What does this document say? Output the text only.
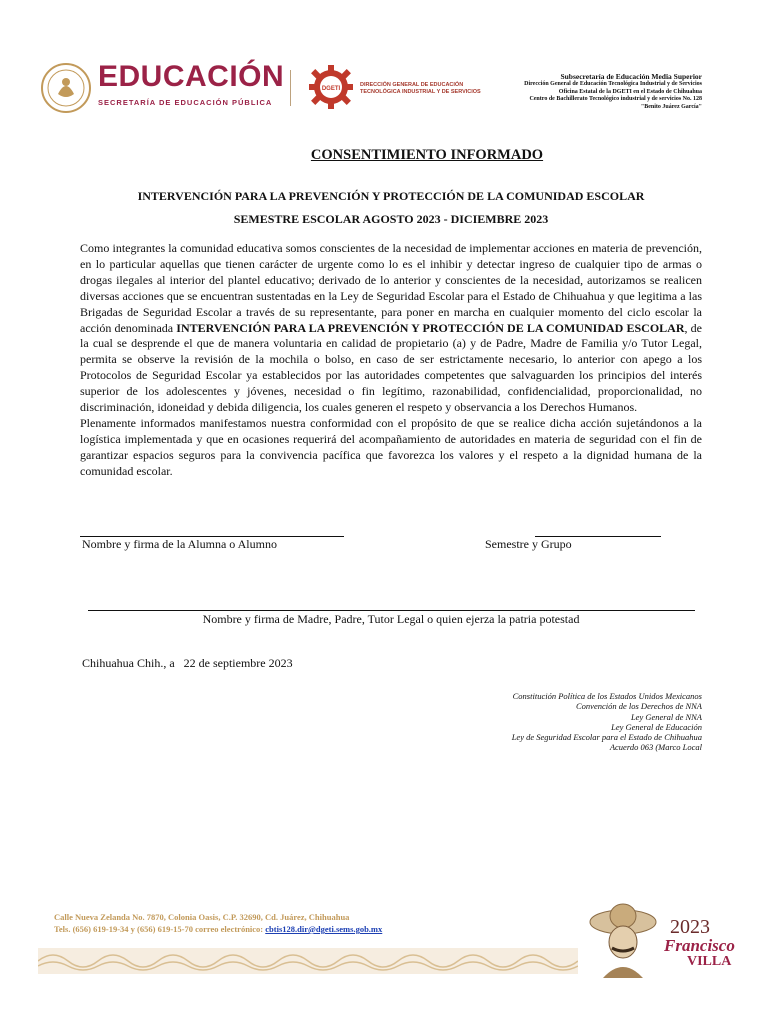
EDUCACIÓN
SECRETARÍA DE EDUCACIÓN PÚBLICA
DGETI
DIRECCIÓN GENERAL DE EDUCACIÓN
TECNOLÓGICA INDUSTRIAL Y DE SERVICIOS
Subsecretaría de Educación Media Superior
Dirección General de Educación Tecnológica Industrial y de Servicios
Oficina Estatal de la DGETI en el Estado de Chihuahua
Centro de Bachillerato Tecnológico industrial y de servicios No. 128
"Benito Juárez García"
CONSENTIMIENTO INFORMADO
INTERVENCIÓN PARA LA PREVENCIÓN Y PROTECCIÓN DE LA COMUNIDAD ESCOLAR
SEMESTRE ESCOLAR AGOSTO 2023 - DICIEMBRE 2023

Como integrantes la comunidad educativa somos conscientes de la necesidad de implementar acciones en materia de prevención, en lo particular aquellas que tienen carácter de urgente como lo es el inhibir y detectar ingreso de cualquier tipo de armas o drogas ilegales al interior del plantel educativo; derivado de lo anterior y conscientes de la necesidad, autorizamos se realicen diversas acciones que se encuentran sustentadas en la Ley de Seguridad Escolar para el Estado de Chihuahua y que legitima a las Brigadas de Seguridad Escolar a través de su representante, para poner en marcha en cualquier momento del ciclo escolar la acción denominada INTERVENCIÓN PARA LA PREVENCIÓN Y PROTECCIÓN DE LA COMUNIDAD ESCOLAR, de la cual se desprende el que de manera voluntaria en calidad de propietario (a) y de Padre, Madre de Familia y/o Tutor Legal, permita se observe la revisión de la mochila o bolso, en caso de ser estrictamente necesario, lo anterior con apego a los Protocolos de Seguridad Escolar ya establecidos por las autoridades competentes que salvaguarden los principios del interés superior de los adolescentes y jóvenes, necesidad o fin legítimo, razonabilidad, confidencialidad, proporcionalidad, no discriminación, idoneidad y debida diligencia, los cuales generen el respeto y observancia a los Derechos Humanos.

Plenamente informados manifestamos nuestra conformidad con el propósito de que se realice dicha acción sujetándonos a la logística implementada y que en ocasiones requerirá del acompañamiento de autoridades en materia de seguridad con el fin de garantizar espacios seguros para la convivencia pacífica que favorezca los valores y el respeto a la dignidad humana de la comunidad escolar.

Nombre y firma de la Alumna o Alumno	Semestre y Grupo
Nombre y firma de Madre, Padre, Tutor Legal o quien ejerza la patria potestad
Chihuahua Chih., a   22 de septiembre 2023
Constitución Política de los Estados Unidos Mexicanos
Convención de los Derechos de NNA
Ley General de NNA
Ley General de Educación
Ley de Seguridad Escolar para el Estado de Chihuahua
Acuerdo 063 (Marco Local
Calle Nueva Zelanda No. 7870, Colonia Oasis, C.P. 32690, Cd. Juárez, Chihuahua
Tels. (656) 619-19-34 y (656) 619-15-70 correo electrónico: cbtis128.dir@dgeti.sems.gob.mx	2023
Francisco
VILLA
